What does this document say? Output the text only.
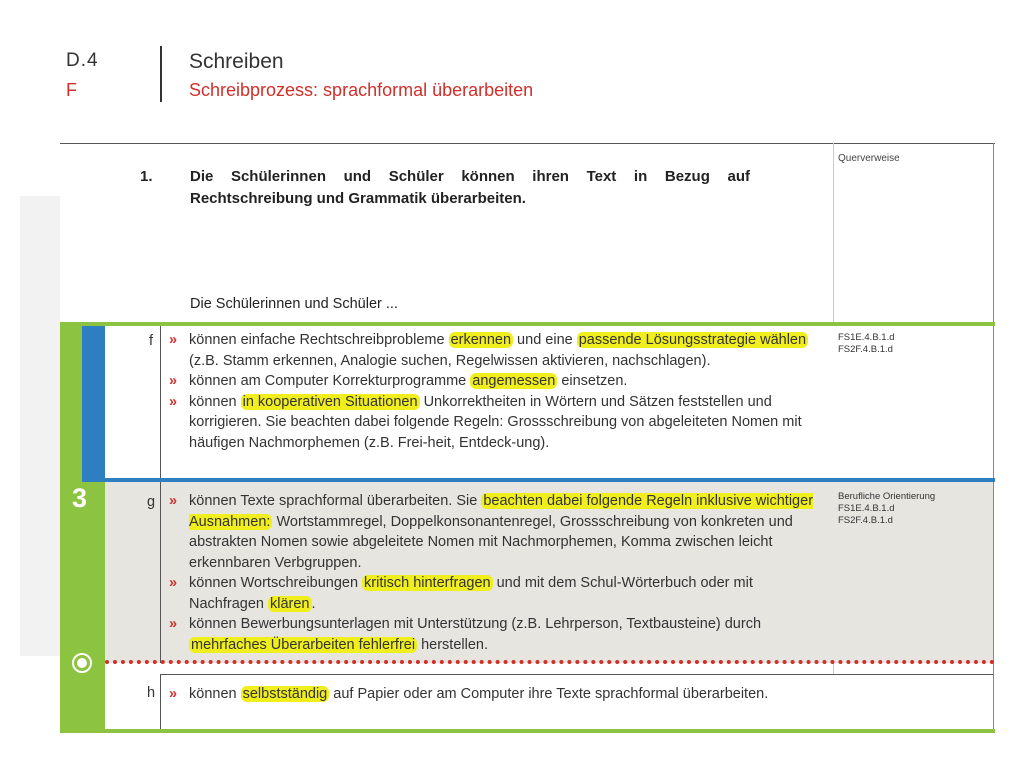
D.4
F
Schreiben
Schreibprozess: sprachformal überarbeiten
1. Die Schülerinnen und Schüler können ihren Text in Bezug auf Rechtschreibung und Grammatik überarbeiten.
Die Schülerinnen und Schüler ...
Querverweise
3
f
g
h
» können einfache Rechtschreibprobleme erkennen und eine passende Lösungsstrategie wählen (z.B. Stamm erkennen, Analogie suchen, Regelwissen aktivieren, nachschlagen).
» können am Computer Korrekturprogramme angemessen einsetzen.
» können in kooperativen Situationen Unkorrektheiten in Wörtern und Sätzen feststellen und korrigieren. Sie beachten dabei folgende Regeln: Grossschreibung von abgeleiteten Nomen mit häufigen Nachmorphemen (z.B. Frei-heit, Entdeck-ung).
» können Texte sprachformal überarbeiten. Sie beachten dabei folgende Regeln inklusive wichtiger Ausnahmen: Wortstammregel, Doppelkonsonantenregel, Grossschreibung von konkreten und abstrakten Nomen sowie abgeleitete Nomen mit Nachmorphemen, Komma zwischen leicht erkennbaren Verbgruppen.
» können Wortschreibungen kritisch hinterfragen und mit dem Schul-Wörterbuch oder mit Nachfragen klären .
» können Bewerbungsunterlagen mit Unterstützung (z.B. Lehrperson, Textbausteine) durch mehrfaches Überarbeiten fehlerfrei herstellen.
» können selbstständig auf Papier oder am Computer ihre Texte sprachformal überarbeiten.
FS1E.4.B.1.d
FS2F.4.B.1.d
Berufliche Orientierung
FS1E.4.B.1.d
FS2F.4.B.1.d
